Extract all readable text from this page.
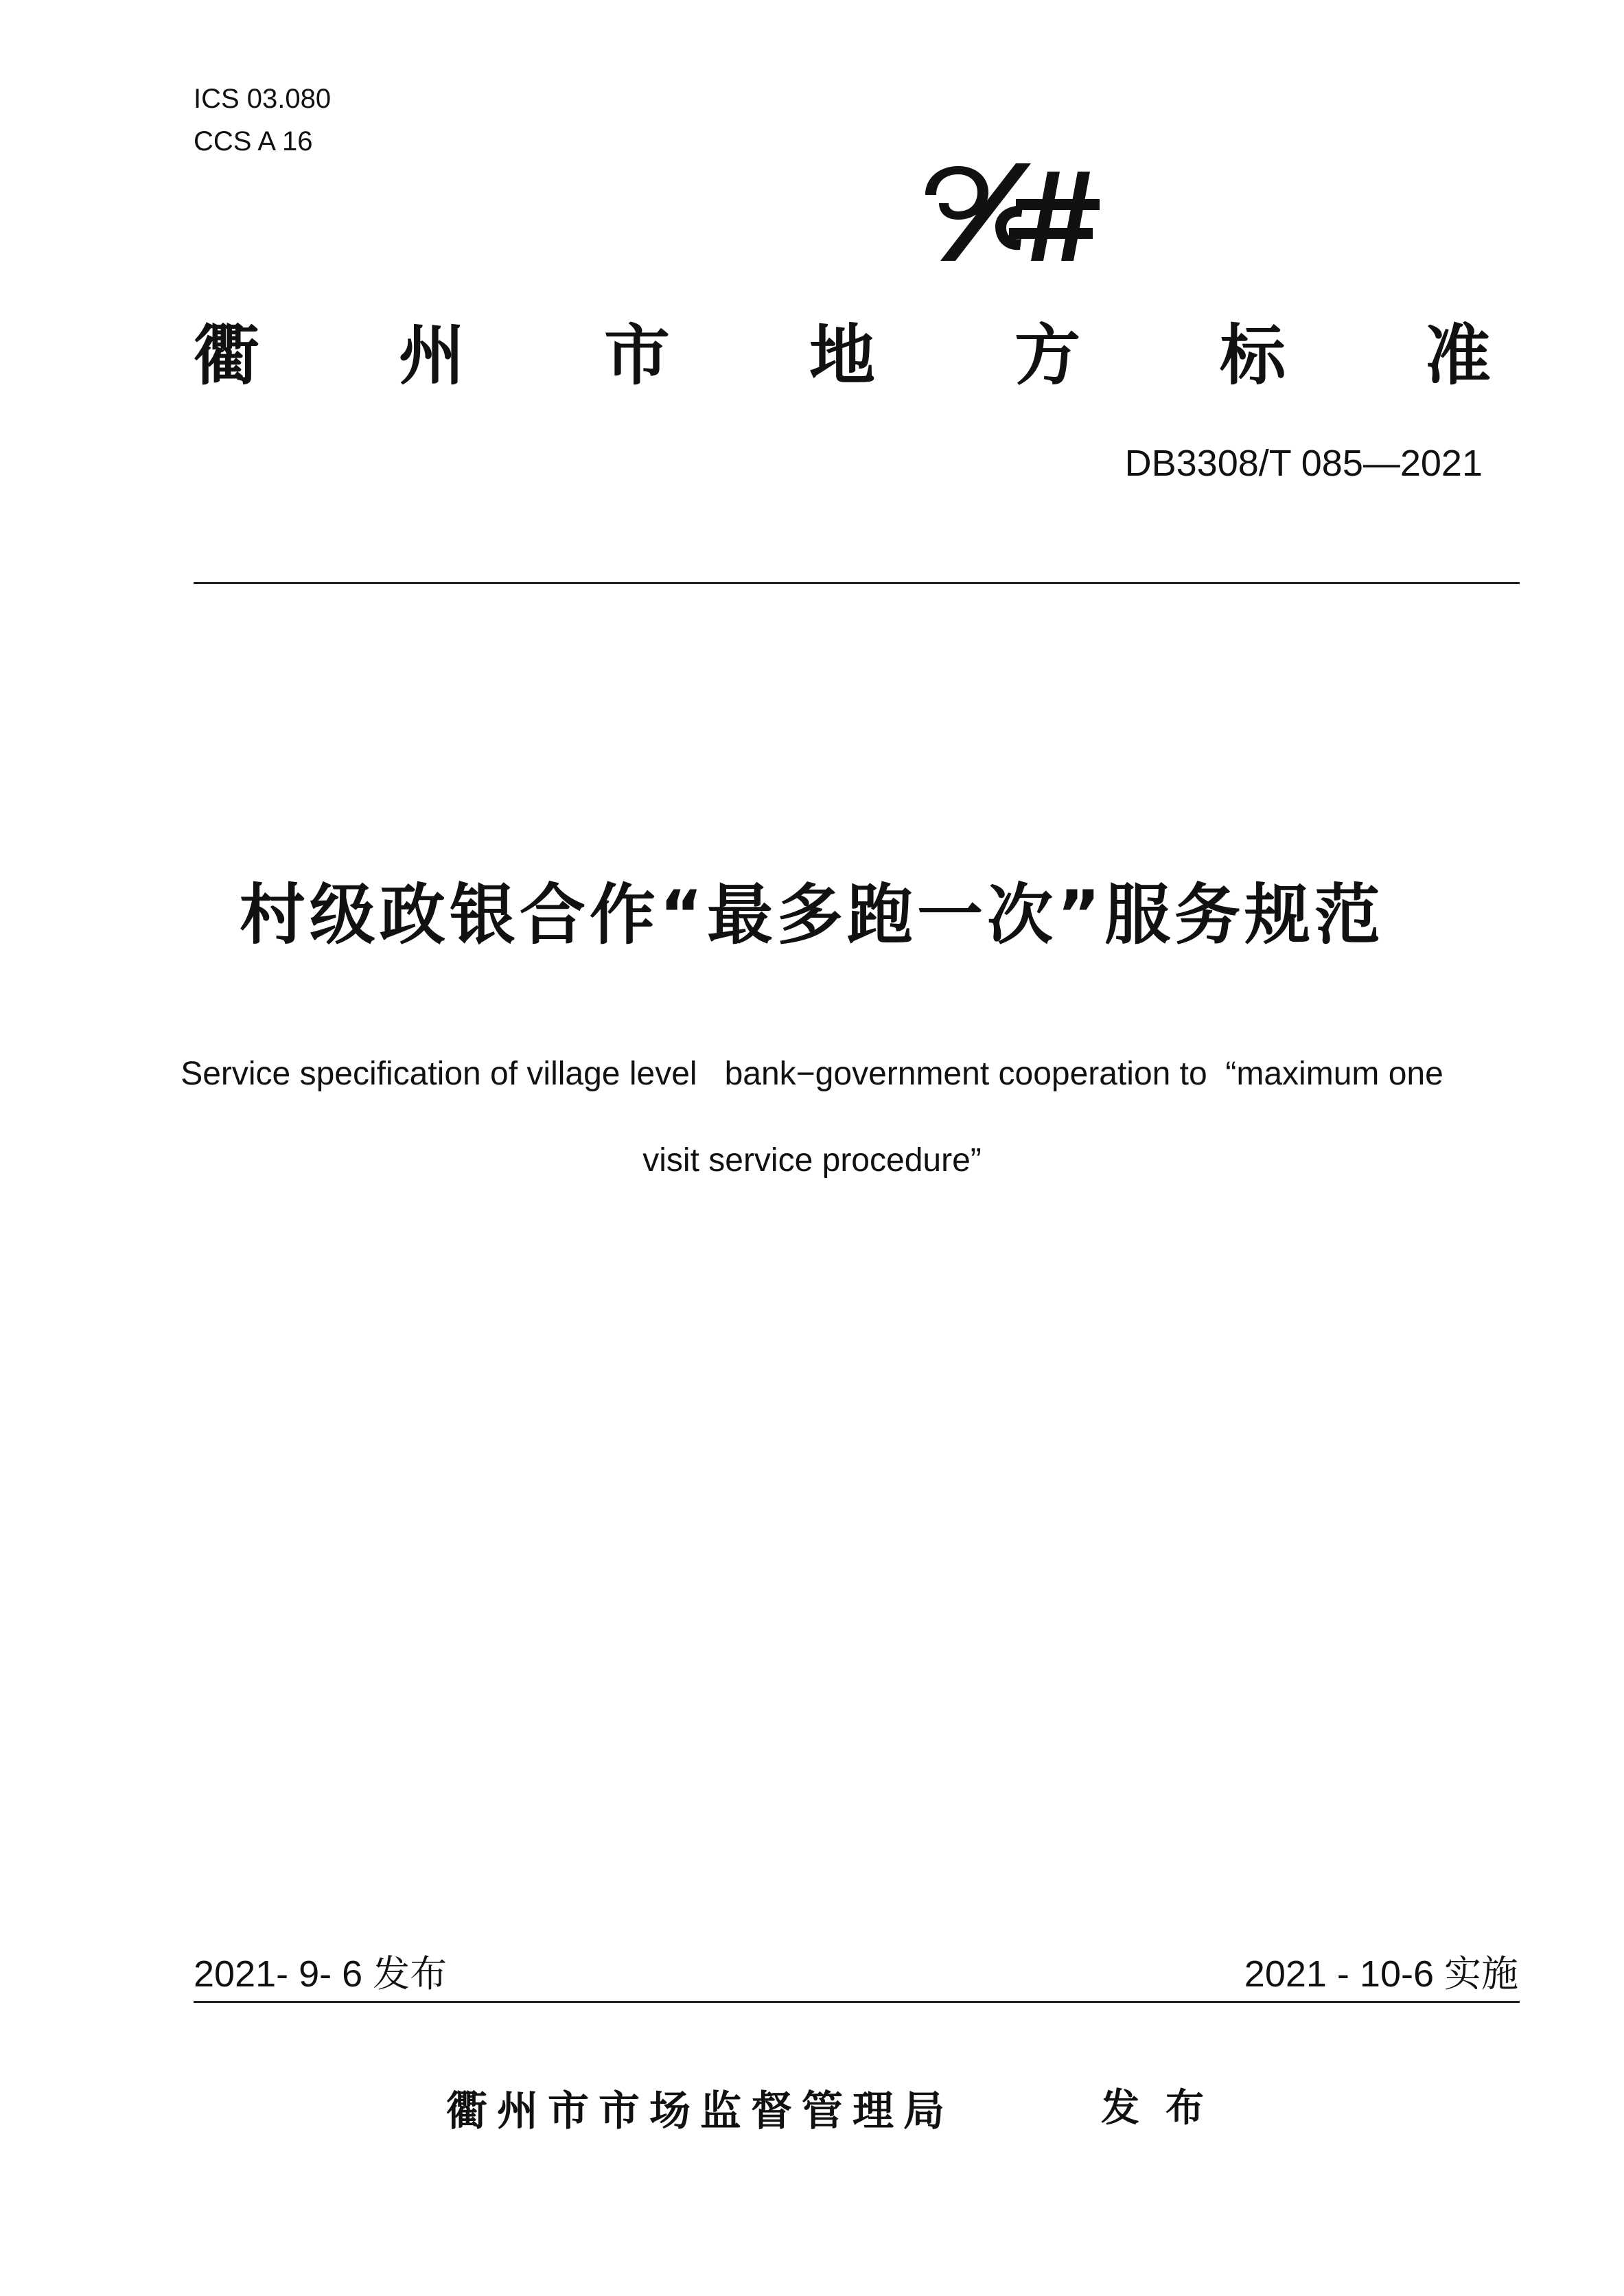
ICS 03.080
CCS A 16
衢 州 市 地 方 标 准
DB3308/T 085—2021
村级政银合作“最多跑一次”服务规范
Service specification of village level   bank−government cooperation to  “maximum one
visit service procedure”
2021- 9- 6 发布	2021 - 10-6 实施
衢州市市场监督管理局	发布
